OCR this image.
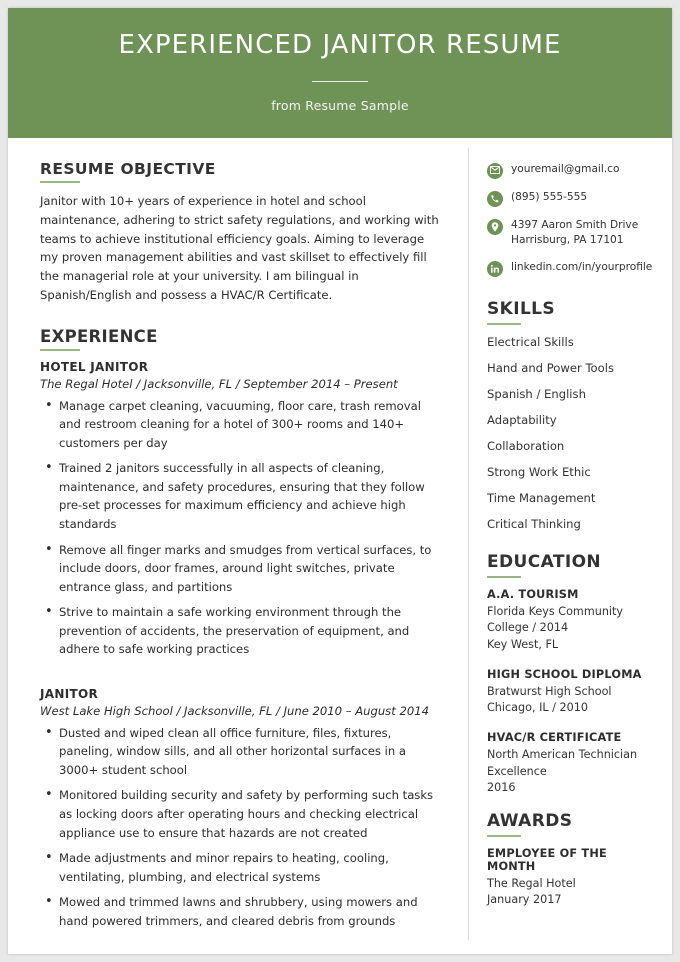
EXPERIENCED JANITOR RESUME
from Resume Sample
RESUME OBJECTIVE

Janitor with 10+ years of experience in hotel and school maintenance, adhering to strict safety regulations, and working with teams to achieve institutional efficiency goals. Aiming to leverage my proven management abilities and vast skillset to effectively fill the managerial role at your university. I am bilingual in Spanish/English and possess a HVAC/R Certificate.

EXPERIENCE
HOTEL JANITOR
The Regal Hotel / Jacksonville, FL / September 2014 – Present
• Manage carpet cleaning, vacuuming, floor care, trash removal and restroom cleaning for a hotel of 300+ rooms and 140+ customers per day
• Trained 2 janitors successfully in all aspects of cleaning, maintenance, and safety procedures, ensuring that they follow pre-set processes for maximum efficiency and achieve high standards
• Remove all finger marks and smudges from vertical surfaces, to include doors, door frames, around light switches, private entrance glass, and partitions
• Strive to maintain a safe working environment through the prevention of accidents, the preservation of equipment, and adhere to safe working practices
JANITOR
West Lake High School / Jacksonville, FL / June 2010 – August 2014
• Dusted and wiped clean all office furniture, files, fixtures, paneling, window sills, and all other horizontal surfaces in a 3000+ student school
• Monitored building security and safety by performing such tasks as locking doors after operating hours and checking electrical appliance use to ensure that hazards are not created
• Made adjustments and minor repairs to heating, cooling, ventilating, plumbing, and electrical systems
• Mowed and trimmed lawns and shrubbery, using mowers and hand powered trimmers, and cleared debris from grounds
youremail@gmail.co
(895) 555-555
4397 Aaron Smith Drive
Harrisburg, PA 17101
linkedin.com/in/yourprofile
SKILLS
Electrical Skills
Hand and Power Tools
Spanish / English
Adaptability
Collaboration
Strong Work Ethic
Time Management
Critical Thinking
EDUCATION
A.A. TOURISM
Florida Keys Community
College / 2014
Key West, FL
HIGH SCHOOL DIPLOMA
Bratwurst High School
Chicago, IL / 2010
HVAC/R CERTIFICATE
North American Technician
Excellence
2016
AWARDS
EMPLOYEE OF THE MONTH
The Regal Hotel
January 2017
